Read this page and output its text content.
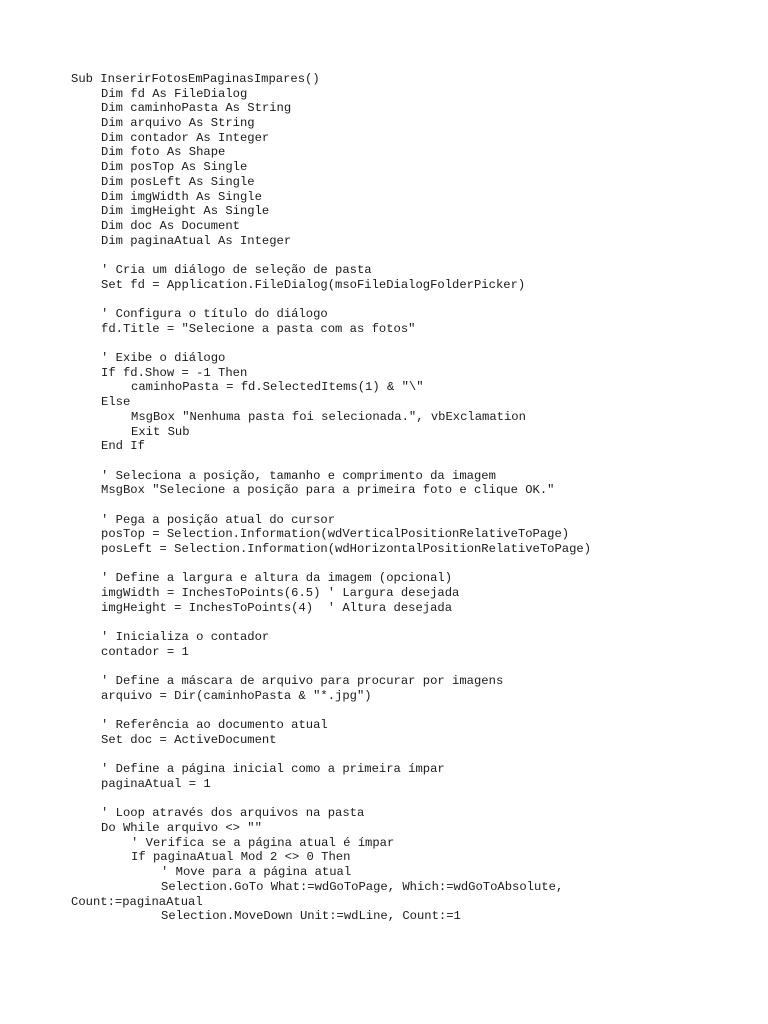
Sub InserirFotosEmPaginasImpares()
Dim fd As FileDialog
Dim caminhoPasta As String
Dim arquivo As String
Dim contador As Integer
Dim foto As Shape
Dim posTop As Single
Dim posLeft As Single
Dim imgWidth As Single
Dim imgHeight As Single
Dim doc As Document
Dim paginaAtual As Integer
' Cria um diálogo de seleção de pasta
Set fd = Application.FileDialog(msoFileDialogFolderPicker)
' Configura o título do diálogo
fd.Title = "Selecione a pasta com as fotos"
' Exibe o diálogo
If fd.Show = -1 Then
caminhoPasta = fd.SelectedItems(1) & "\"
Else
MsgBox "Nenhuma pasta foi selecionada.", vbExclamation
Exit Sub
End If
' Seleciona a posição, tamanho e comprimento da imagem
MsgBox "Selecione a posição para a primeira foto e clique OK."
' Pega a posição atual do cursor
posTop = Selection.Information(wdVerticalPositionRelativeToPage)
posLeft = Selection.Information(wdHorizontalPositionRelativeToPage)
' Define a largura e altura da imagem (opcional)
imgWidth = InchesToPoints(6.5) ' Largura desejada
imgHeight = InchesToPoints(4)  ' Altura desejada
' Inicializa o contador
contador = 1
' Define a máscara de arquivo para procurar por imagens
arquivo = Dir(caminhoPasta & "*.jpg")
' Referência ao documento atual
Set doc = ActiveDocument
' Define a página inicial como a primeira ímpar
paginaAtual = 1
' Loop através dos arquivos na pasta
Do While arquivo <> ""
' Verifica se a página atual é ímpar
If paginaAtual Mod 2 <> 0 Then
' Move para a página atual
Selection.GoTo What:=wdGoToPage, Which:=wdGoToAbsolute,
Count:=paginaAtual
Selection.MoveDown Unit:=wdLine, Count:=1
